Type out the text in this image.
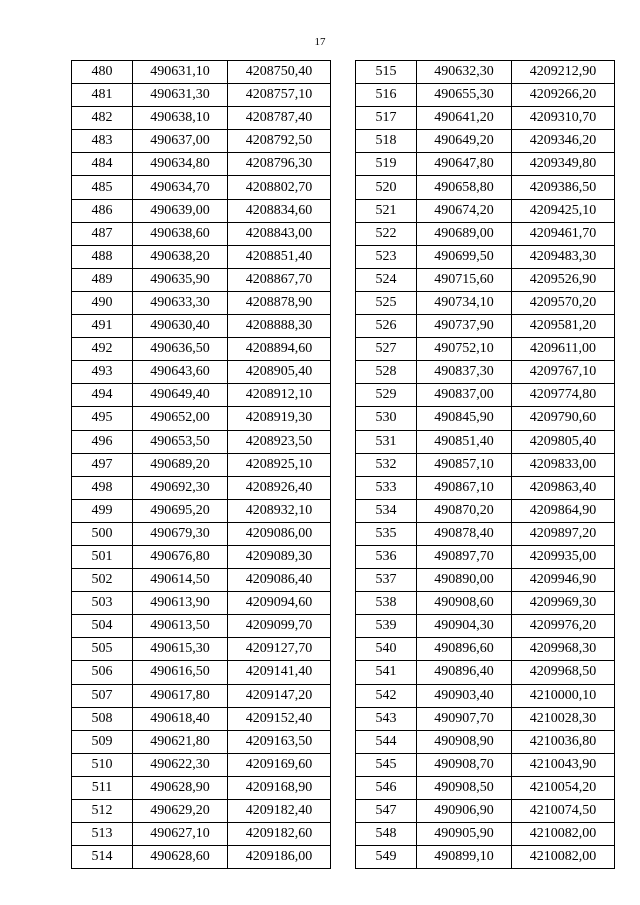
17
480	490631,10	4208750,40
481	490631,30	4208757,10
482	490638,10	4208787,40
483	490637,00	4208792,50
484	490634,80	4208796,30
485	490634,70	4208802,70
486	490639,00	4208834,60
487	490638,60	4208843,00
488	490638,20	4208851,40
489	490635,90	4208867,70
490	490633,30	4208878,90
491	490630,40	4208888,30
492	490636,50	4208894,60
493	490643,60	4208905,40
494	490649,40	4208912,10
495	490652,00	4208919,30
496	490653,50	4208923,50
497	490689,20	4208925,10
498	490692,30	4208926,40
499	490695,20	4208932,10
500	490679,30	4209086,00
501	490676,80	4209089,30
502	490614,50	4209086,40
503	490613,90	4209094,60
504	490613,50	4209099,70
505	490615,30	4209127,70
506	490616,50	4209141,40
507	490617,80	4209147,20
508	490618,40	4209152,40
509	490621,80	4209163,50
510	490622,30	4209169,60
511	490628,90	4209168,90
512	490629,20	4209182,40
513	490627,10	4209182,60
514	490628,60	4209186,00
515	490632,30	4209212,90
516	490655,30	4209266,20
517	490641,20	4209310,70
518	490649,20	4209346,20
519	490647,80	4209349,80
520	490658,80	4209386,50
521	490674,20	4209425,10
522	490689,00	4209461,70
523	490699,50	4209483,30
524	490715,60	4209526,90
525	490734,10	4209570,20
526	490737,90	4209581,20
527	490752,10	4209611,00
528	490837,30	4209767,10
529	490837,00	4209774,80
530	490845,90	4209790,60
531	490851,40	4209805,40
532	490857,10	4209833,00
533	490867,10	4209863,40
534	490870,20	4209864,90
535	490878,40	4209897,20
536	490897,70	4209935,00
537	490890,00	4209946,90
538	490908,60	4209969,30
539	490904,30	4209976,20
540	490896,60	4209968,30
541	490896,40	4209968,50
542	490903,40	4210000,10
543	490907,70	4210028,30
544	490908,90	4210036,80
545	490908,70	4210043,90
546	490908,50	4210054,20
547	490906,90	4210074,50
548	490905,90	4210082,00
549	490899,10	4210082,00
